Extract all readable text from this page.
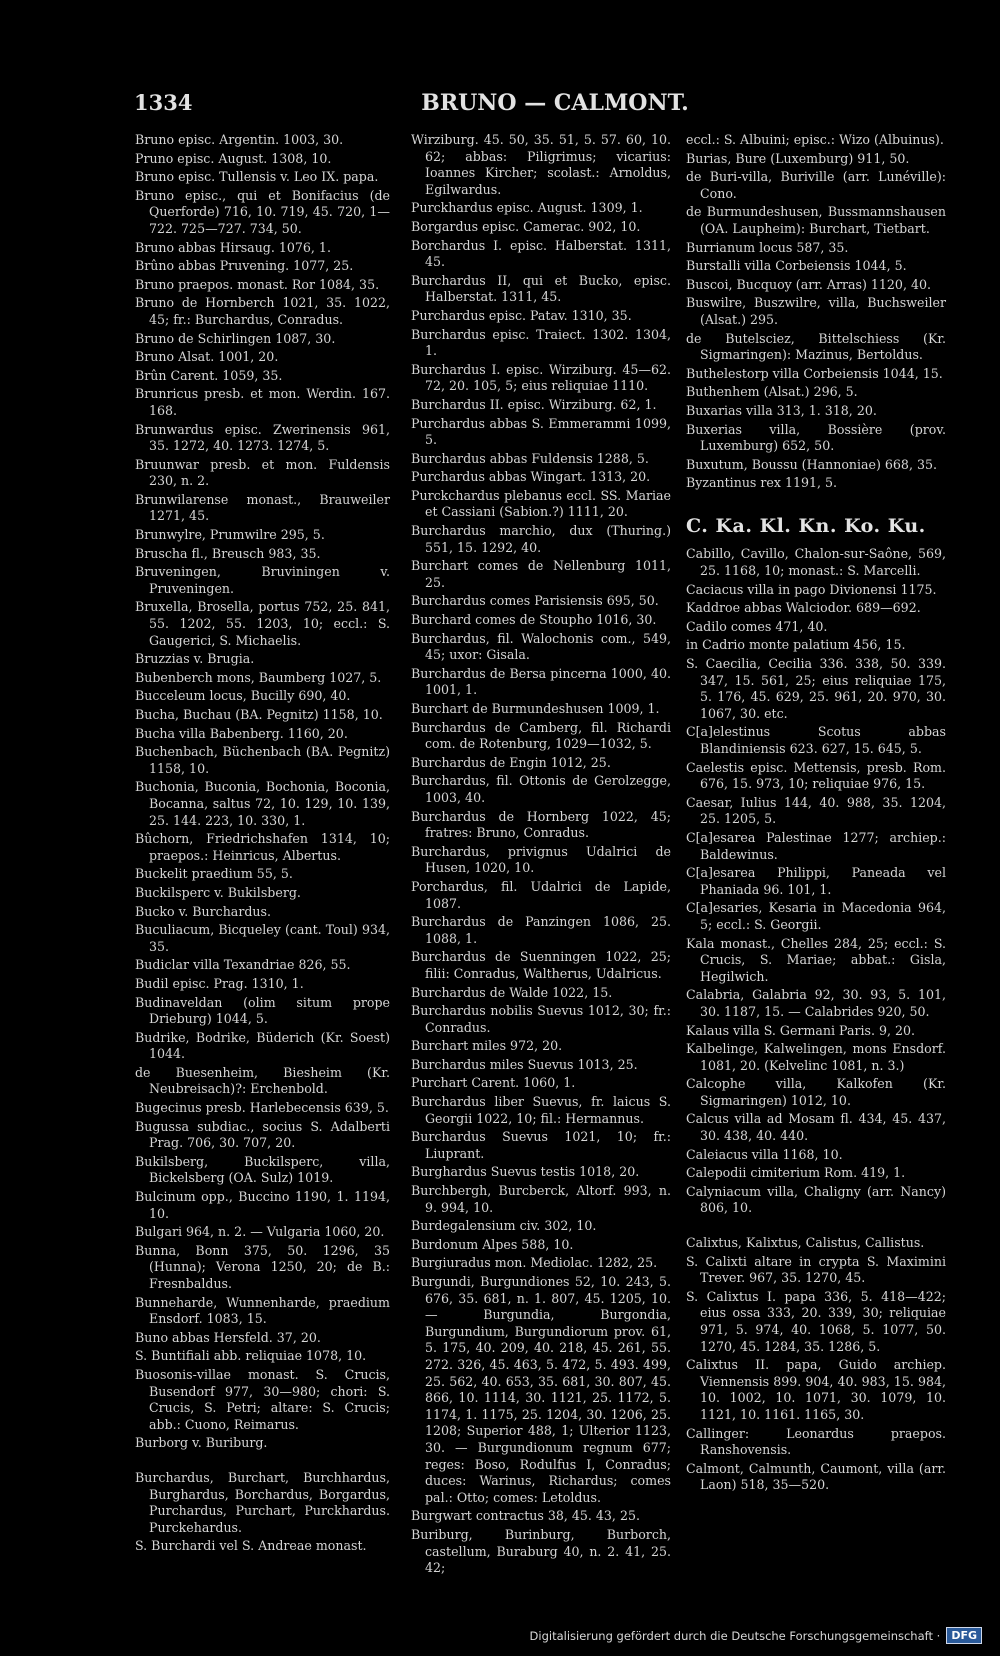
1334	BRUNO — CALMONT.
Bruno episc. Argentin. 1003, 30.
Pruno episc. August. 1308, 10.
Bruno episc. Tullensis v. Leo IX. papa.
Bruno episc., qui et Bonifacius (de Querforde) 716, 10. 719, 45. 720, 1—722. 725—727. 734, 50.
Bruno abbas Hirsaug. 1076, 1.
Brûno abbas Pruvening. 1077, 25.
Bruno praepos. monast. Ror 1084, 35.
Bruno de Hornberch 1021, 35. 1022, 45; fr.: Burchardus, Conradus.
Bruno de Schirlingen 1087, 30.
Bruno Alsat. 1001, 20.
Brûn Carent. 1059, 35.
Brunricus presb. et mon. Werdin. 167. 168.
Brunwardus episc. Zwerinensis 961, 35. 1272, 40. 1273. 1274, 5.
Bruunwar presb. et mon. Fuldensis 230, n. 2.
Brunwilarense monast., Brauweiler 1271, 45.
Brunwylre, Prumwilre 295, 5.
Bruscha fl., Breusch 983, 35.
Bruveningen, Bruviningen v. Pruveningen.
Bruxella, Brosella, portus 752, 25. 841, 55. 1202, 55. 1203, 10; eccl.: S. Gaugerici, S. Michaelis.
Bruzzias v. Brugia.
Bubenberch mons, Baumberg 1027, 5.
Bucceleum locus, Bucilly 690, 40.
Bucha, Buchau (BA. Pegnitz) 1158, 10.
Bucha villa Babenberg. 1160, 20.
Buchenbach, Büchenbach (BA. Pegnitz) 1158, 10.
Buchonia, Buconia, Bochonia, Boconia, Bocanna, saltus 72, 10. 129, 10. 139, 25. 144. 223, 10. 330, 1.
Bûchorn, Friedrichshafen 1314, 10; praepos.: Heinricus, Albertus.
Buckelit praedium 55, 5.
Buckilsperc v. Bukilsberg.
Bucko v. Burchardus.
Buculiacum, Bicqueley (cant. Toul) 934, 35.
Budiclar villa Texandriae 826, 55.
Budil episc. Prag. 1310, 1.
Budinaveldan (olim situm prope Drieburg) 1044, 5.
Budrike, Bodrike, Büderich (Kr. Soest) 1044.
de Buesenheim, Biesheim (Kr. Neubreisach)?: Erchenbold.
Bugecinus presb. Harlebecensis 639, 5.
Bugussa subdiac., socius S. Adalberti Prag. 706, 30. 707, 20.
Bukilsberg, Buckilsperc, villa, Bickelsberg (OA. Sulz) 1019.
Bulcinum opp., Buccino 1190, 1. 1194, 10.
Bulgari 964, n. 2. — Vulgaria 1060, 20.
Bunna, Bonn 375, 50. 1296, 35 (Hunna); Verona 1250, 20; de B.: Fresnbaldus.
Bunneharde, Wunnenharde, praedium Ensdorf. 1083, 15.
Buno abbas Hersfeld. 37, 20.
S. Buntifiali abb. reliquiae 1078, 10.
Buosonis-villae monast. S. Crucis, Busendorf 977, 30—980; chori: S. Crucis, S. Petri; altare: S. Crucis; abb.: Cuono, Reimarus.
Burborg v. Buriburg.
Burchardus, Burchart, Burchhardus, Burghardus, Borchardus, Borgardus, Purchardus, Purchart, Purckhardus. Purckehardus.
S. Burchardi vel S. Andreae monast.
Wirziburg. 45. 50, 35. 51, 5. 57. 60, 10. 62; abbas: Piligrimus; vicarius: Ioannes Kircher; scolast.: Arnoldus, Egilwardus.
Purckhardus episc. August. 1309, 1.
Borgardus episc. Camerac. 902, 10.
Borchardus I. episc. Halberstat. 1311, 45.
Burchardus II, qui et Bucko, episc. Halberstat. 1311, 45.
Purchardus episc. Patav. 1310, 35.
Burchardus episc. Traiect. 1302. 1304, 1.
Burchardus I. episc. Wirziburg. 45—62. 72, 20. 105, 5; eius reliquiae 1110.
Burchardus II. episc. Wirziburg. 62, 1.
Purchardus abbas S. Emmerammi 1099, 5.
Burchardus abbas Fuldensis 1288, 5.
Purchardus abbas Wingart. 1313, 20.
Purckchardus plebanus eccl. SS. Mariae et Cassiani (Sabion.?) 1111, 20.
Burchardus marchio, dux (Thuring.) 551, 15. 1292, 40.
Burchart comes de Nellenburg 1011, 25.
Burchardus comes Parisiensis 695, 50.
Burchard comes de Stoupho 1016, 30.
Burchardus, fil. Walochonis com., 549, 45; uxor: Gisala.
Burchardus de Bersa pincerna 1000, 40. 1001, 1.
Burchart de Burmundeshusen 1009, 1.
Burchardus de Camberg, fil. Richardi com. de Rotenburg, 1029—1032, 5.
Burchardus de Engin 1012, 25.
Burchardus, fil. Ottonis de Gerolzegge, 1003, 40.
Burchardus de Hornberg 1022, 45; fratres: Bruno, Conradus.
Burchardus, privignus Udalrici de Husen, 1020, 10.
Porchardus, fil. Udalrici de Lapide, 1087.
Burchardus de Panzingen 1086, 25. 1088, 1.
Burchardus de Suenningen 1022, 25; filii: Conradus, Waltherus, Udalricus.
Burchardus de Walde 1022, 15.
Burchardus nobilis Suevus 1012, 30; fr.: Conradus.
Burchart miles 972, 20.
Burchardus miles Suevus 1013, 25.
Purchart Carent. 1060, 1.
Burchardus liber Suevus, fr. laicus S. Georgii 1022, 10; fil.: Hermannus.
Burchardus Suevus 1021, 10; fr.: Liuprant.
Burghardus Suevus testis 1018, 20.
Burchbergh, Burcberck, Altorf. 993, n. 9. 994, 10.
Burdegalensium civ. 302, 10.
Burdonum Alpes 588, 10.
Burgiuradus mon. Mediolac. 1282, 25.
Burgundi, Burgundiones 52, 10. 243, 5. 676, 35. 681, n. 1. 807, 45. 1205, 10. — Burgundia, Burgondia, Burgundium, Burgundiorum prov. 61, 5. 175, 40. 209, 40. 218, 45. 261, 55. 272. 326, 45. 463, 5. 472, 5. 493. 499, 25. 562, 40. 653, 35. 681, 30. 807, 45. 866, 10. 1114, 30. 1121, 25. 1172, 5. 1174, 1. 1175, 25. 1204, 30. 1206, 25. 1208; Superior 488, 1; Ulterior 1123, 30. — Burgundionum regnum 677; reges: Boso, Rodulfus I, Conradus; duces: Warinus, Richardus; comes pal.: Otto; comes: Letoldus.
Burgwart contractus 38, 45. 43, 25.
Buriburg, Burinburg, Burborch, castellum, Buraburg 40, n. 2. 41, 25. 42;
eccl.: S. Albuini; episc.: Wizo (Albuinus).
Burias, Bure (Luxemburg) 911, 50.
de Buri-villa, Buriville (arr. Lunéville): Cono.
de Burmundeshusen, Bussmannshausen (OA. Laupheim): Burchart, Tietbart.
Burrianum locus 587, 35.
Burstalli villa Corbeiensis 1044, 5.
Buscoi, Bucquoy (arr. Arras) 1120, 40.
Buswilre, Buszwilre, villa, Buchsweiler (Alsat.) 295.
de Butelsciez, Bittelschiess (Kr. Sigmaringen): Mazinus, Bertoldus.
Buthelestorp villa Corbeiensis 1044, 15.
Buthenhem (Alsat.) 296, 5.
Buxarias villa 313, 1. 318, 20.
Buxerias villa, Bossière (prov. Luxemburg) 652, 50.
Buxutum, Boussu (Hannoniae) 668, 35.
Byzantinus rex 1191, 5.
C. Ka. Kl. Kn. Ko. Ku.
Cabillo, Cavillo, Chalon-sur-Saône, 569, 25. 1168, 10; monast.: S. Marcelli.
Caciacus villa in pago Divionensi 1175.
Kaddroe abbas Walciodor. 689—692.
Cadilo comes 471, 40.
in Cadrio monte palatium 456, 15.
S. Caecilia, Cecilia 336. 338, 50. 339. 347, 15. 561, 25; eius reliquiae 175, 5. 176, 45. 629, 25. 961, 20. 970, 30. 1067, 30. etc.
C[a]elestinus Scotus abbas Blandiniensis 623. 627, 15. 645, 5.
Caelestis episc. Mettensis, presb. Rom. 676, 15. 973, 10; reliquiae 976, 15.
Caesar, Iulius 144, 40. 988, 35. 1204, 25. 1205, 5.
C[a]esarea Palestinae 1277; archiep.: Baldewinus.
C[a]esarea Philippi, Paneada vel Phaniada 96. 101, 1.
C[a]esaries, Kesaria in Macedonia 964, 5; eccl.: S. Georgii.
Kala monast., Chelles 284, 25; eccl.: S. Crucis, S. Mariae; abbat.: Gisla, Hegilwich.
Calabria, Galabria 92, 30. 93, 5. 101, 30. 1187, 15. — Calabrides 920, 50.
Kalaus villa S. Germani Paris. 9, 20.
Kalbelinge, Kalwelingen, mons Ensdorf. 1081, 20. (Kelvelinc 1081, n. 3.)
Calcophe villa, Kalkofen (Kr. Sigmaringen) 1012, 10.
Calcus villa ad Mosam fl. 434, 45. 437, 30. 438, 40. 440.
Caleiacus villa 1168, 10.
Calepodii cimiterium Rom. 419, 1.
Calyniacum villa, Chaligny (arr. Nancy) 806, 10.
Calixtus, Kalixtus, Calistus, Callistus.
S. Calixti altare in crypta S. Maximini Trever. 967, 35. 1270, 45.
S. Calixtus I. papa 336, 5. 418—422; eius ossa 333, 20. 339, 30; reliquiae 971, 5. 974, 40. 1068, 5. 1077, 50. 1270, 45. 1284, 35. 1286, 5.
Calixtus II. papa, Guido archiep. Viennensis 899. 904, 40. 983, 15. 984, 10. 1002, 10. 1071, 30. 1079, 10. 1121, 10. 1161. 1165, 30.
Callinger: Leonardus praepos. Ranshovensis.
Calmont, Calmunth, Caumont, villa (arr. Laon) 518, 35—520.
Digitalisierung gefördert durch die Deutsche Forschungsgemeinschaft ·	DFG
